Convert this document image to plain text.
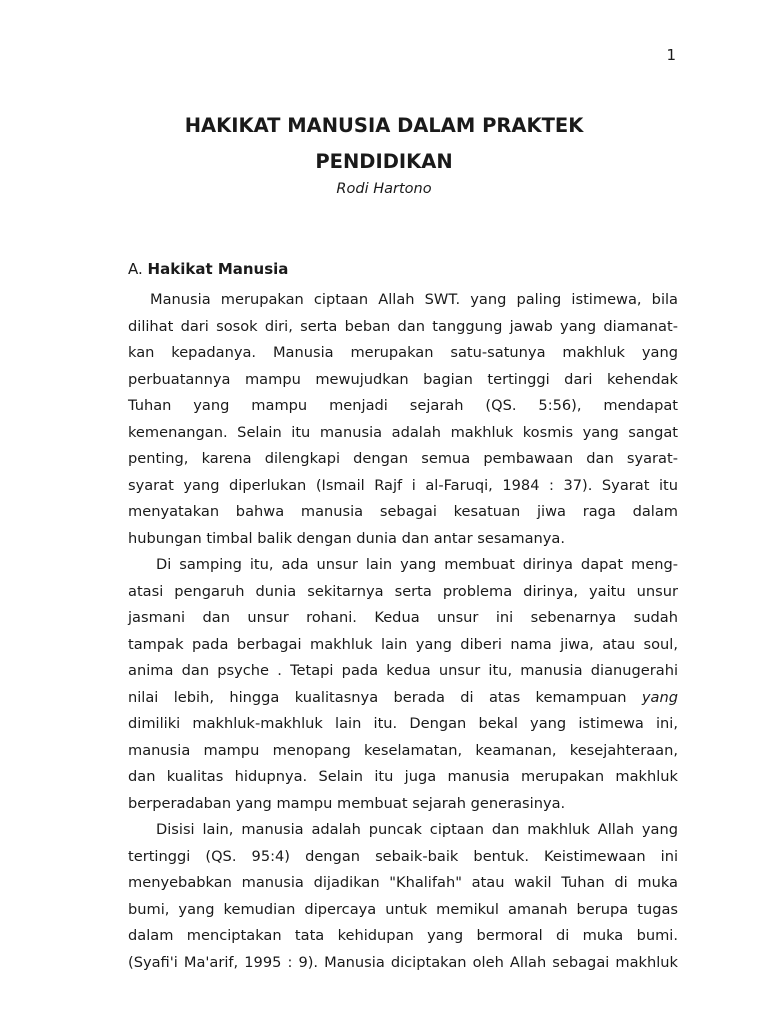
1
HAKIKAT MANUSIA DALAM PRAKTEK
PENDIDIKAN
Rodi Hartono
A. Hakikat Manusia
Manusia merupakan ciptaan Allah SWT. yang paling istimewa, bila
dilihat dari sosok diri, serta beban dan tanggung jawab yang diamanat-
kan kepadanya. Manusia merupakan satu-satunya makhluk yang
perbuatannya mampu mewujudkan bagian tertinggi dari kehendak
Tuhan yang mampu menjadi sejarah (QS. 5:56), mendapat
kemenangan. Selain itu manusia adalah makhluk kosmis yang sangat
penting, karena dilengkapi dengan semua pembawaan dan syarat-
syarat yang diperlukan (Ismail Rajf i al-Faruqi, 1984 : 37). Syarat itu
menyatakan bahwa manusia sebagai kesatuan jiwa raga dalam
hubungan timbal balik dengan dunia dan antar sesamanya.
Di samping itu, ada unsur lain yang membuat dirinya dapat meng-
atasi pengaruh dunia sekitarnya serta problema dirinya, yaitu unsur
jasmani dan unsur rohani. Kedua unsur ini sebenarnya sudah
tampak pada berbagai makhluk lain yang diberi nama jiwa, atau soul,
anima dan psyche . Tetapi pada kedua unsur itu, manusia dianugerahi
nilai lebih, hingga kualitasnya berada di atas kemampuan yang
dimiliki makhluk-makhluk lain itu. Dengan bekal yang istimewa ini,
manusia mampu menopang keselamatan, keamanan, kesejahteraan,
dan kualitas hidupnya. Selain itu juga manusia merupakan makhluk
berperadaban yang mampu membuat sejarah generasinya.
Disisi lain, manusia adalah puncak ciptaan dan makhluk Allah yang
tertinggi (QS. 95:4) dengan sebaik-baik bentuk. Keistimewaan ini
menyebabkan manusia dijadikan "Khalifah" atau wakil Tuhan di muka
bumi, yang kemudian dipercaya untuk memikul amanah berupa tugas
dalam menciptakan tata kehidupan yang bermoral di muka bumi.
(Syafi'i Ma'arif, 1995 : 9). Manusia diciptakan oleh Allah sebagai makhluk
